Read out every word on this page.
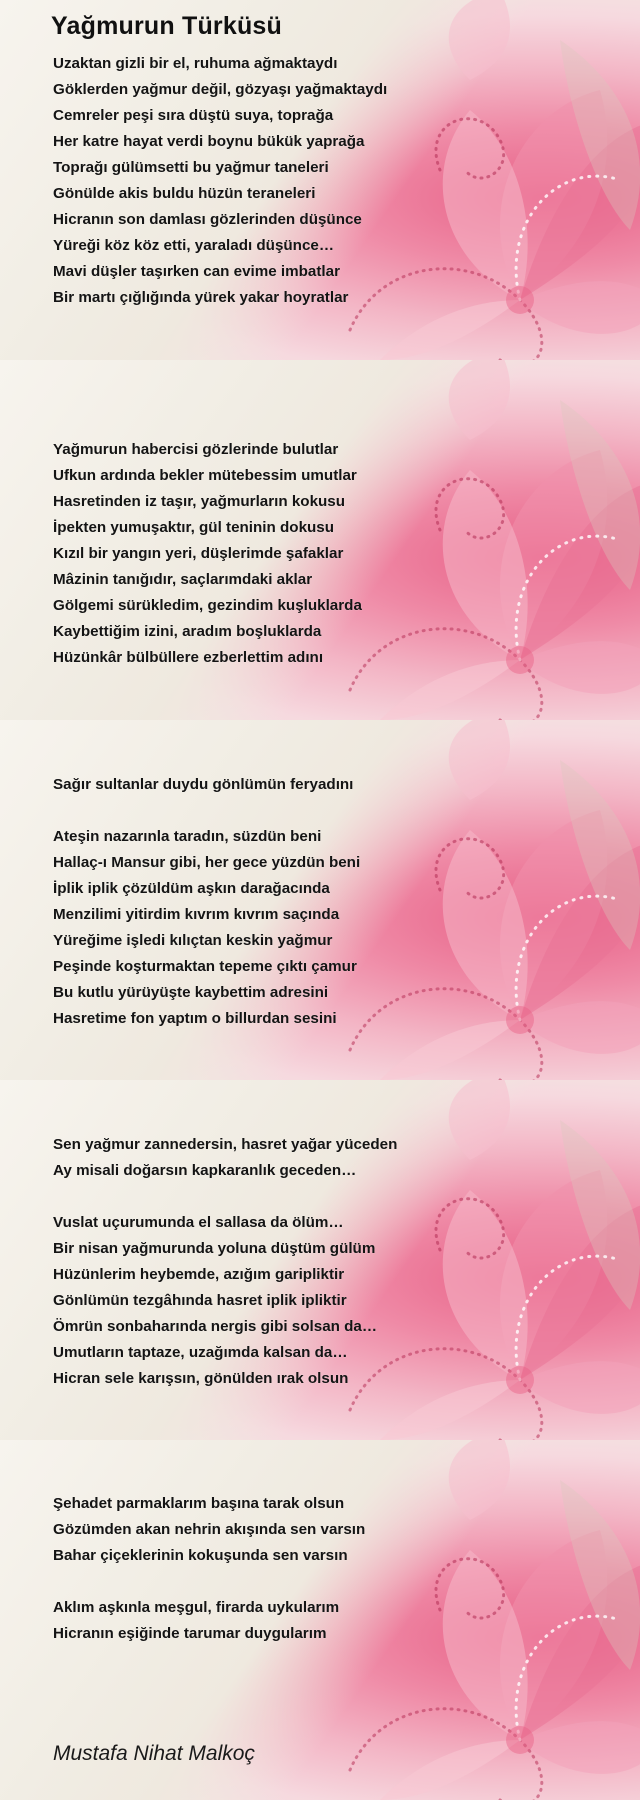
Yağmurun Türküsü
Uzaktan gizli bir el, ruhuma ağmaktaydı
Göklerden yağmur değil, gözyaşı yağmaktaydı
Cemreler peşi sıra düştü suya, toprağa
Her katre hayat verdi boynu bükük yaprağa
Toprağı gülümsetti bu yağmur taneleri
Gönülde akis buldu hüzün teraneleri
Hicranın son damlası gözlerinden düşünce
Yüreği köz köz etti, yaraladı düşünce…
Mavi düşler taşırken can evime imbatlar
Bir martı çığlığında yürek yakar hoyratlar
Yağmurun habercisi gözlerinde bulutlar
Ufkun ardında bekler mütebessim umutlar
Hasretinden iz taşır, yağmurların kokusu
İpekten yumuşaktır, gül teninin dokusu
Kızıl bir yangın yeri, düşlerimde şafaklar
Mâzinin tanığıdır, saçlarımdaki aklar
Gölgemi sürükledim, gezindim kuşluklarda
Kaybettiğim izini, aradım boşluklarda
Hüzünkâr bülbüllere ezberlettim adını
Sağır sultanlar duydu gönlümün feryadını
Ateşin nazarınla taradın, süzdün beni
Hallaç-ı Mansur gibi, her gece yüzdün beni
İplik iplik çözüldüm aşkın darağacında
Menzilimi yitirdim kıvrım kıvrım saçında
Yüreğime işledi kılıçtan keskin yağmur
Peşinde koşturmaktan tepeme çıktı çamur
Bu kutlu yürüyüşte kaybettim adresini
Hasretime fon yaptım o billurdan sesini
Sen yağmur zannedersin, hasret yağar yüceden
Ay misali doğarsın kapkaranlık geceden…
Vuslat uçurumunda el sallasa da ölüm…
Bir nisan yağmurunda yoluna düştüm gülüm
Hüzünlerim heybemde, azığım garipliktir
Gönlümün tezgâhında hasret iplik ipliktir
Ömrün sonbaharında nergis gibi solsan da…
Umutların taptaze, uzağımda kalsan da…
Hicran sele karışsın, gönülden ırak olsun
Şehadet parmaklarım başına tarak olsun
Gözümden akan nehrin akışında sen varsın
Bahar çiçeklerinin kokuşunda sen varsın
Aklım aşkınla meşgul, firarda uykularım
Hicranın eşiğinde tarumar duygularım
Mustafa Nihat Malkoç
